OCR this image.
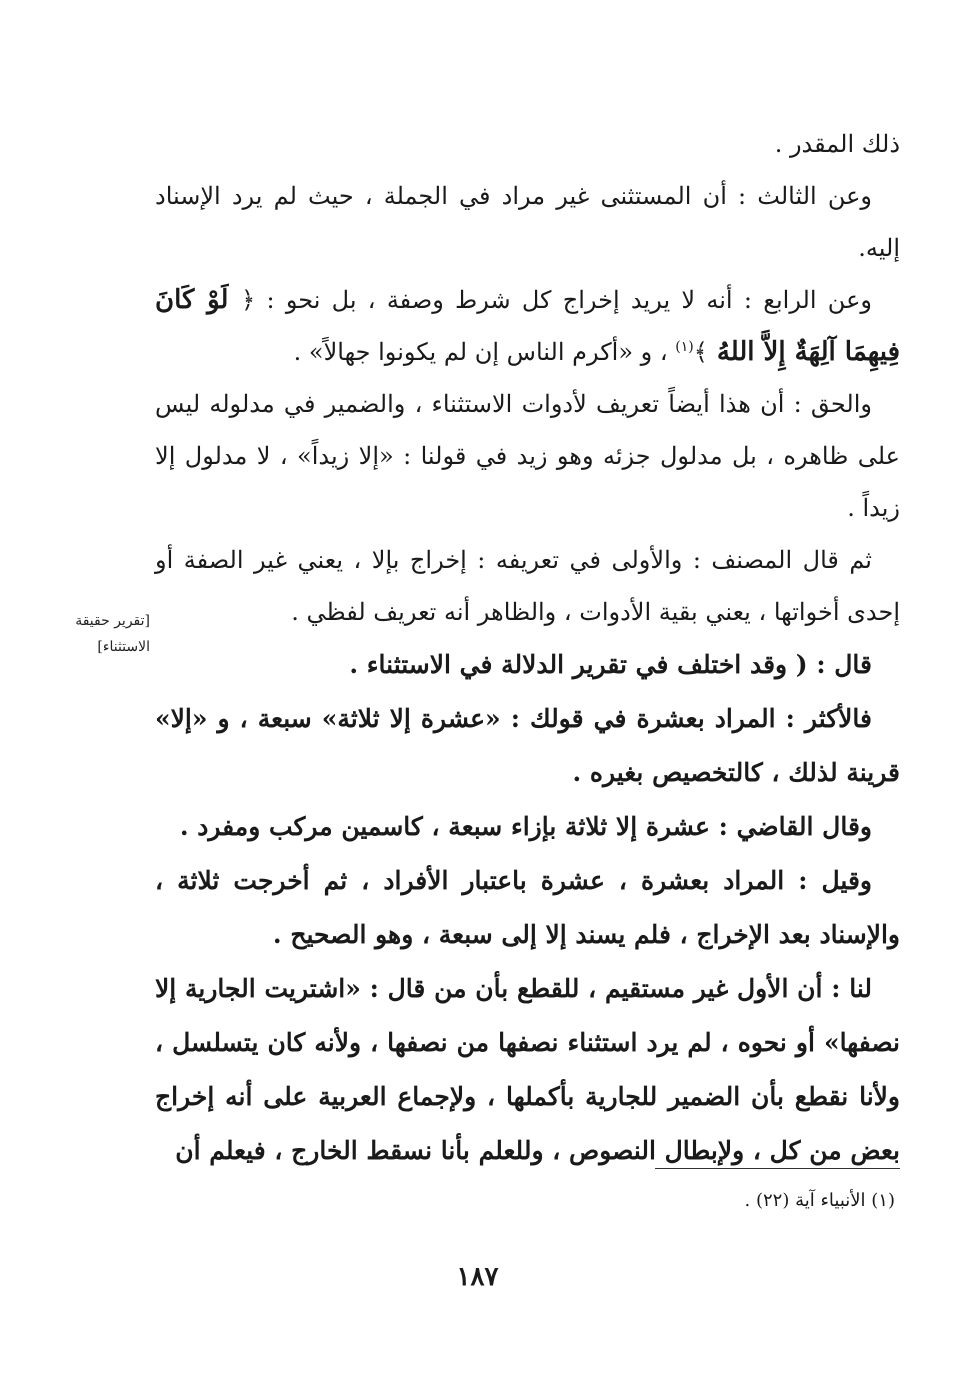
ذلك المقدر .

وعن الثالث : أن المستثنى غير مراد في الجملة ، حيث لم يرد الإسناد إليه.

وعن الرابع : أنه لا يريد إخراج كل شرط وصفة ، بل نحو : ﴿ لَوْ كَانَ فِيهِمَا آلِهَةٌ إِلاَّ اللهُ ﴾$^{(١)}$ ، و «أكرم الناس إن لم يكونوا جهالاً» .

والحق : أن هذا أيضاً تعريف لأدوات الاستثناء ، والضمير في مدلوله ليس على ظاهره ، بل مدلول جزئه وهو زيد في قولنا : «إلا زيداً» ، لا مدلول إلا زيداً .

ثم قال المصنف : والأولى في تعريفه : إخراج بإلا ، يعني غير الصفة أو إحدى أخواتها ، يعني بقية الأدوات ، والظاهر أنه تعريف لفظي .

قال : ( وقد اختلف في تقرير الدلالة في الاستثناء .

فالأكثر : المراد بعشرة في قولك : «عشرة إلا ثلاثة» سبعة ، و «إلا» قرينة لذلك ، كالتخصيص بغيره .

وقال القاضي : عشرة إلا ثلاثة بإزاء سبعة ، كاسمين مركب ومفرد .

وقيل : المراد بعشرة ، عشرة باعتبار الأفراد ، ثم أخرجت ثلاثة ، والإسناد بعد الإخراج ، فلم يسند إلا إلى سبعة ، وهو الصحيح .

لنا : أن الأول غير مستقيم ، للقطع بأن من قال : «اشتريت الجارية إلا نصفها» أو نحوه ، لم يرد استثناء نصفها من نصفها ، ولأنه كان يتسلسل ، ولأنا نقطع بأن الضمير للجارية بأكملها ، ولإجماع العربية على أنه إخراج بعض من كل ، ولإبطال النصوص ، وللعلم بأنا نسقط الخارج ، فيعلم أن

[تقرير حقيقة
الاستثناء]
(١) الأنبياء آية (٢٢) .
١٨٧
